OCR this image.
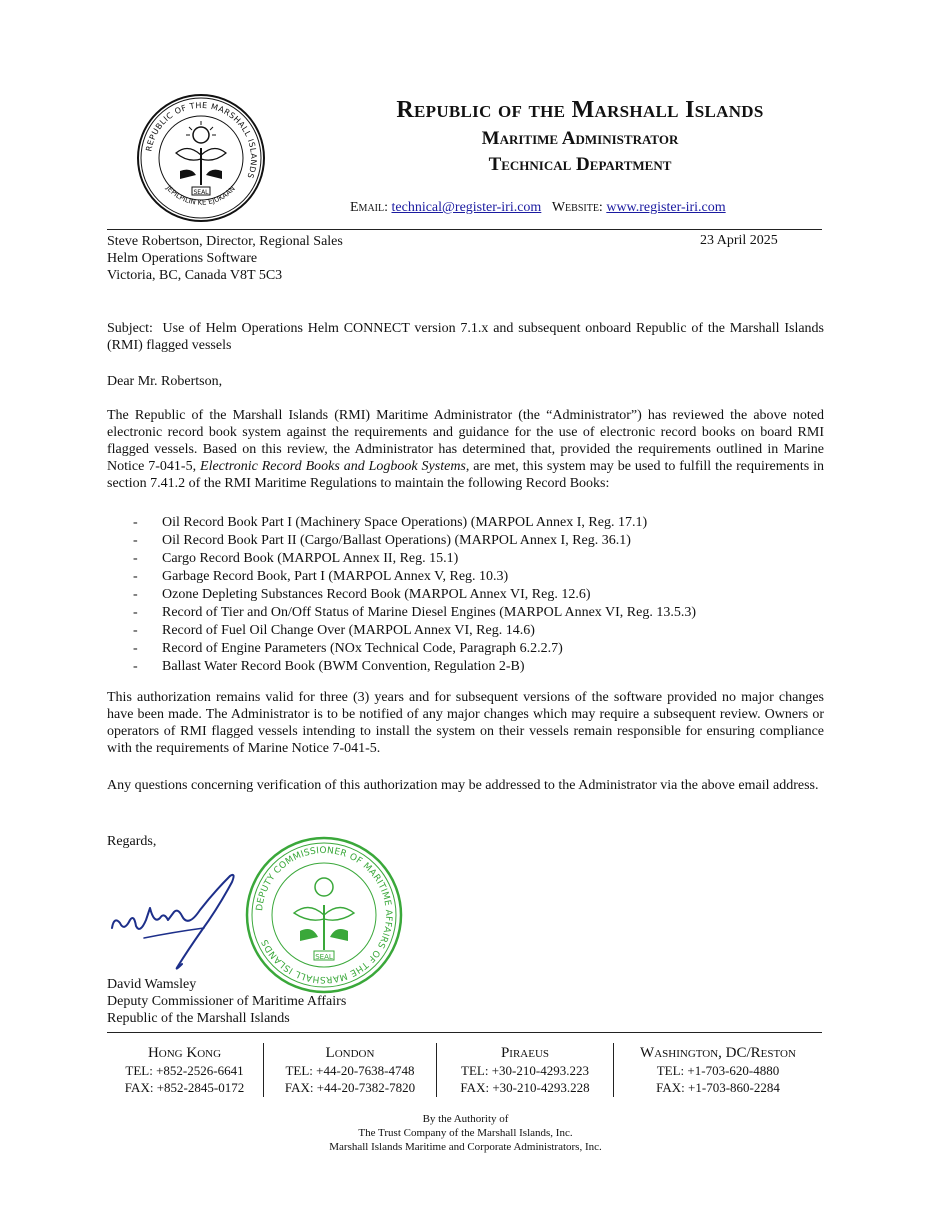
REPUBLIC OF THE MARSHALL ISLANDS
JEPILPILIN KE EJUKAAN
SEAL
Republic of the Marshall Islands
Maritime Administrator
Technical Department
Email: technical@register-iri.com Website: www.register-iri.com
Steve Robertson, Director, Regional Sales
Helm Operations Software
Victoria, BC, Canada V8T 5C3
23 April 2025
Subject: Use of Helm Operations Helm CONNECT version 7.1.x and subsequent onboard Republic of the Marshall Islands (RMI) flagged vessels
Dear Mr. Robertson,
The Republic of the Marshall Islands (RMI) Maritime Administrator (the “Administrator”) has reviewed the above noted electronic record book system against the requirements and guidance for the use of electronic record books on board RMI flagged vessels. Based on this review, the Administrator has determined that, provided the requirements outlined in Marine Notice 7-041-5, Electronic Record Books and Logbook Systems, are met, this system may be used to fulfill the requirements in section 7.41.2 of the RMI Maritime Regulations to maintain the following Record Books:
- Oil Record Book Part I (Machinery Space Operations) (MARPOL Annex I, Reg. 17.1)
- Oil Record Book Part II (Cargo/Ballast Operations) (MARPOL Annex I, Reg. 36.1)
- Cargo Record Book (MARPOL Annex II, Reg. 15.1)
- Garbage Record Book, Part I (MARPOL Annex V, Reg. 10.3)
- Ozone Depleting Substances Record Book (MARPOL Annex VI, Reg. 12.6)
- Record of Tier and On/Off Status of Marine Diesel Engines (MARPOL Annex VI, Reg. 13.5.3)
- Record of Fuel Oil Change Over (MARPOL Annex VI, Reg. 14.6)
- Record of Engine Parameters (NOx Technical Code, Paragraph 6.2.2.7)
- Ballast Water Record Book (BWM Convention, Regulation 2-B)
This authorization remains valid for three (3) years and for subsequent versions of the software provided no major changes have been made. The Administrator is to be notified of any major changes which may require a subsequent review. Owners or operators of RMI flagged vessels intending to install the system on their vessels remain responsible for ensuring compliance with the requirements of Marine Notice 7-041-5.
Any questions concerning verification of this authorization may be addressed to the Administrator via the above email address.
Regards,
DEPUTY COMMISSIONER OF MARITIME AFFAIRS OF THE MARSHALL ISLANDS
SEAL
David Wamsley
Deputy Commissioner of Maritime Affairs
Republic of the Marshall Islands
Hong Kong
TEL: +852-2526-6641
FAX: +852-2845-0172
London
TEL: +44-20-7638-4748
FAX: +44-20-7382-7820
Piraeus
TEL: +30-210-4293.223
FAX: +30-210-4293.228
Washington, DC/Reston
TEL: +1-703-620-4880
FAX: +1-703-860-2284
By the Authority of
The Trust Company of the Marshall Islands, Inc.
Marshall Islands Maritime and Corporate Administrators, Inc.
